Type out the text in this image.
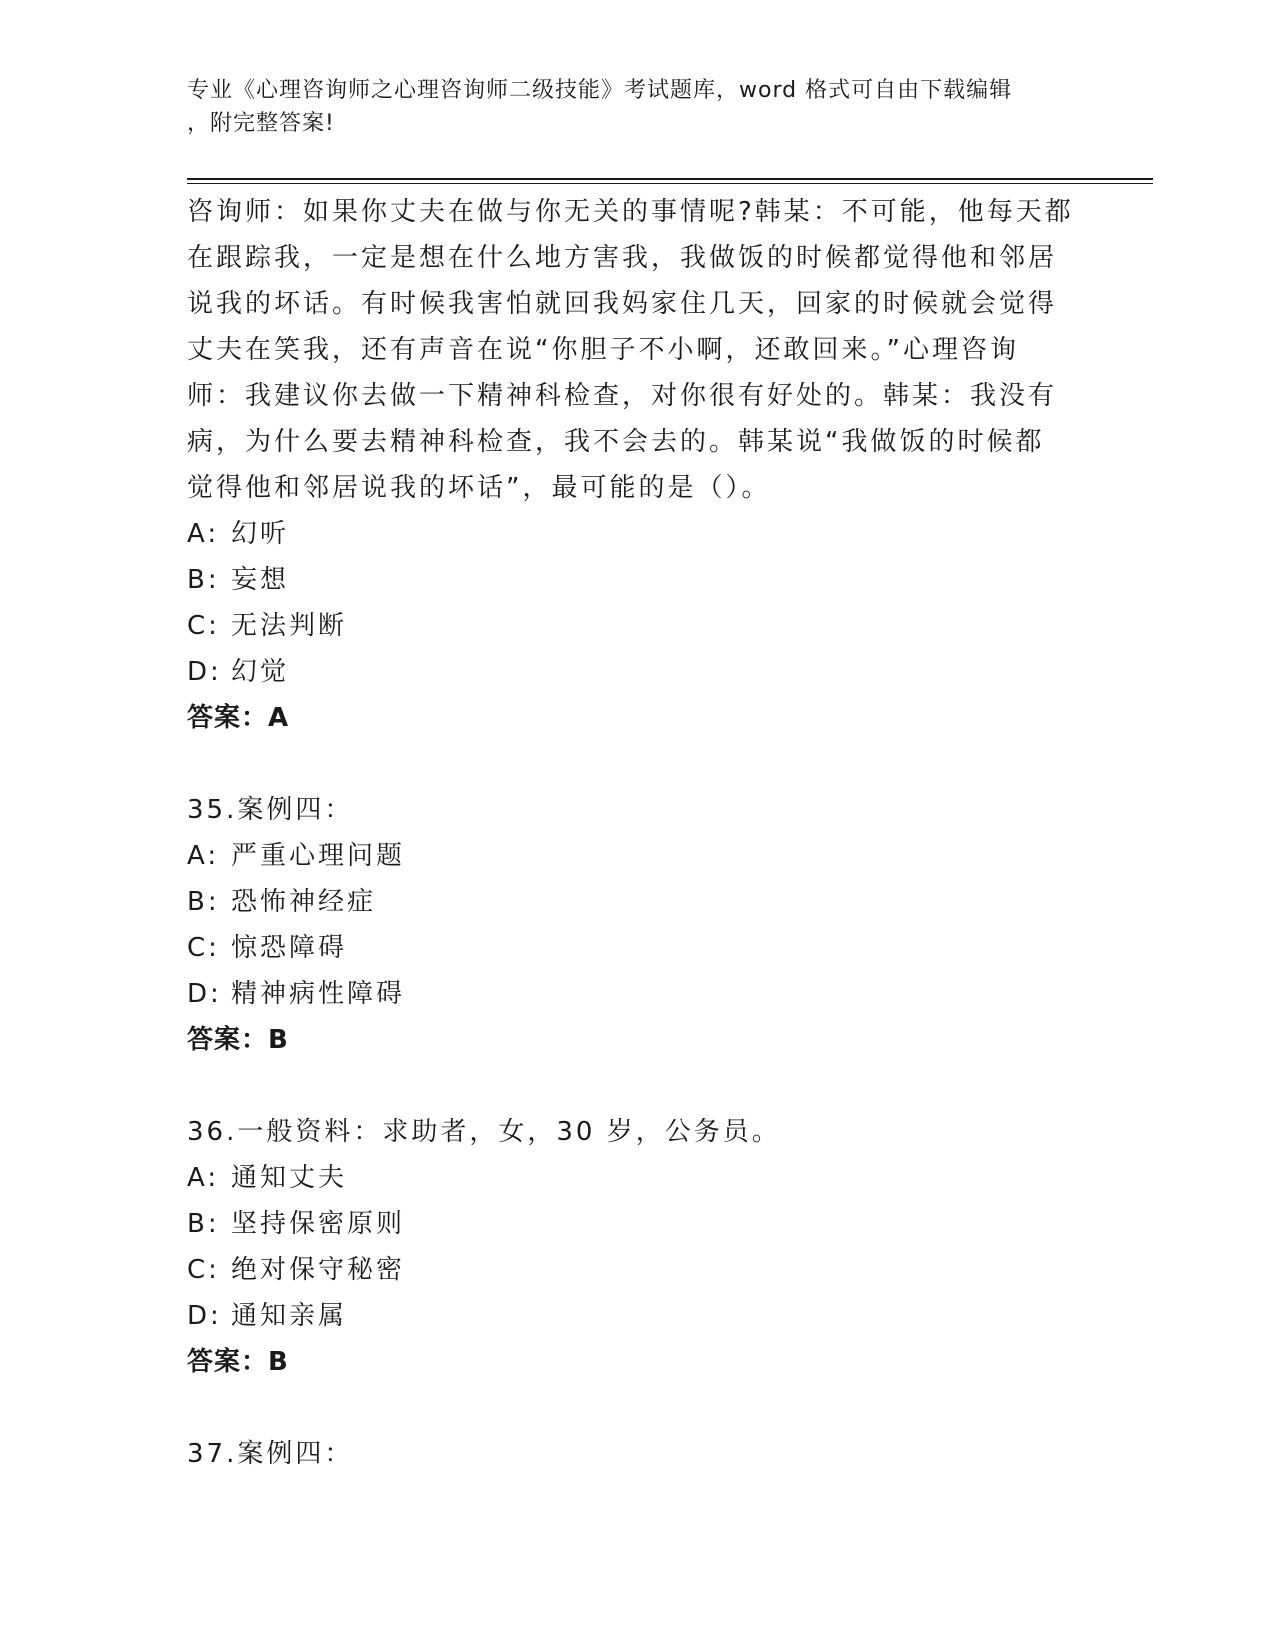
专业《心理咨询师之心理咨询师二级技能》考试题库，word 格式可自由下载编辑
，附完整答案!
咨询师：如果你丈夫在做与你无关的事情呢?韩某：不可能，他每天都
在跟踪我，一定是想在什么地方害我，我做饭的时候都觉得他和邻居
说我的坏话。有时候我害怕就回我妈家住几天，回家的时候就会觉得
丈夫在笑我，还有声音在说“你胆子不小啊，还敢回来。”心理咨询
师：我建议你去做一下精神科检查，对你很有好处的。韩某：我没有
病，为什么要去精神科检查，我不会去的。韩某说“我做饭的时候都
觉得他和邻居说我的坏话”，最可能的是（）。
A: 幻听
B: 妄想
C: 无法判断
D: 幻觉
答案：A
35.案例四：
A: 严重心理问题
B: 恐怖神经症
C: 惊恐障碍
D: 精神病性障碍
答案：B
36.一般资料：求助者，女，30 岁，公务员。
A: 通知丈夫
B: 坚持保密原则
C: 绝对保守秘密
D: 通知亲属
答案：B
37.案例四：
